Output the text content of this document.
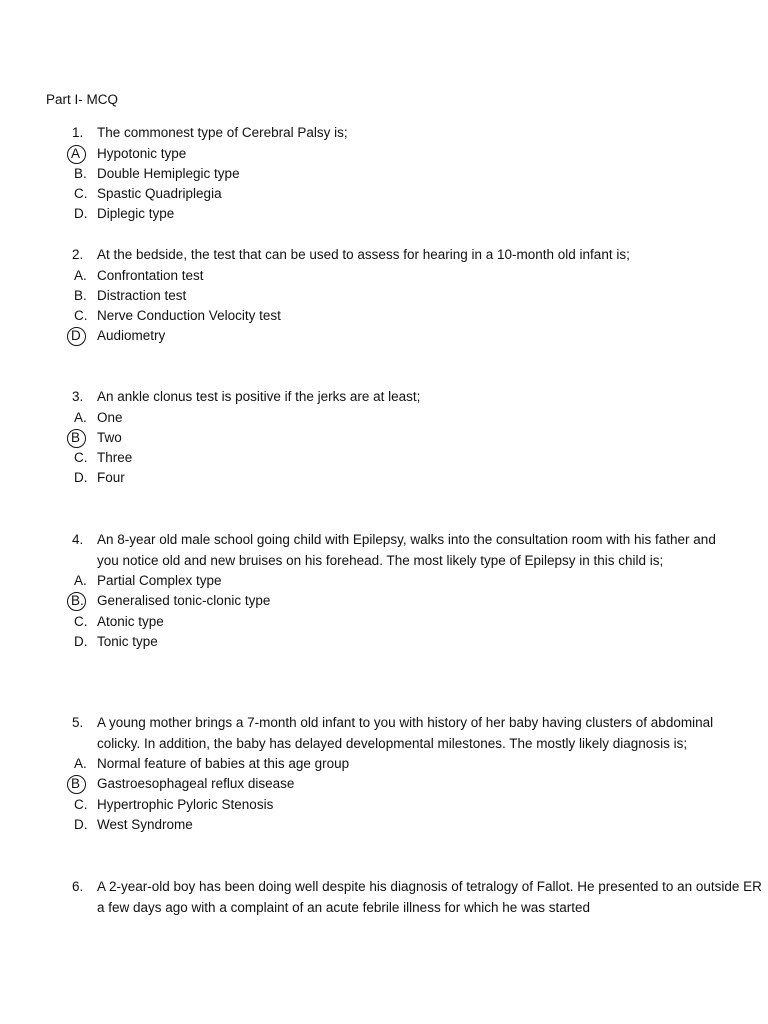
Part I- MCQ
1. The commonest type of Cerebral Palsy is;
A Hypotonic type
B. Double Hemiplegic type
C. Spastic Quadriplegia
D. Diplegic type
2. At the bedside, the test that can be used to assess for hearing in a 10-month old infant is;
A. Confrontation test
B. Distraction test
C. Nerve Conduction Velocity test
D Audiometry
3. An ankle clonus test is positive if the jerks are at least;
A. One
B Two
C. Three
D. Four
4. An 8-year old male school going child with Epilepsy, walks into the consultation room with his father and you notice old and new bruises on his forehead. The most likely type of Epilepsy in this child is;
A. Partial Complex type
B. Generalised tonic-clonic type
C. Atonic type
D. Tonic type
5. A young mother brings a 7-month old infant to you with history of her baby having clusters of abdominal colicky. In addition, the baby has delayed developmental milestones. The mostly likely diagnosis is;
A. Normal feature of babies at this age group
B Gastroesophageal reflux disease
C. Hypertrophic Pyloric Stenosis
D. West Syndrome
6. A 2-year-old boy has been doing well despite his diagnosis of tetralogy of Fallot. He presented to an outside ER a few days ago with a complaint of an acute febrile illness for which he was started
